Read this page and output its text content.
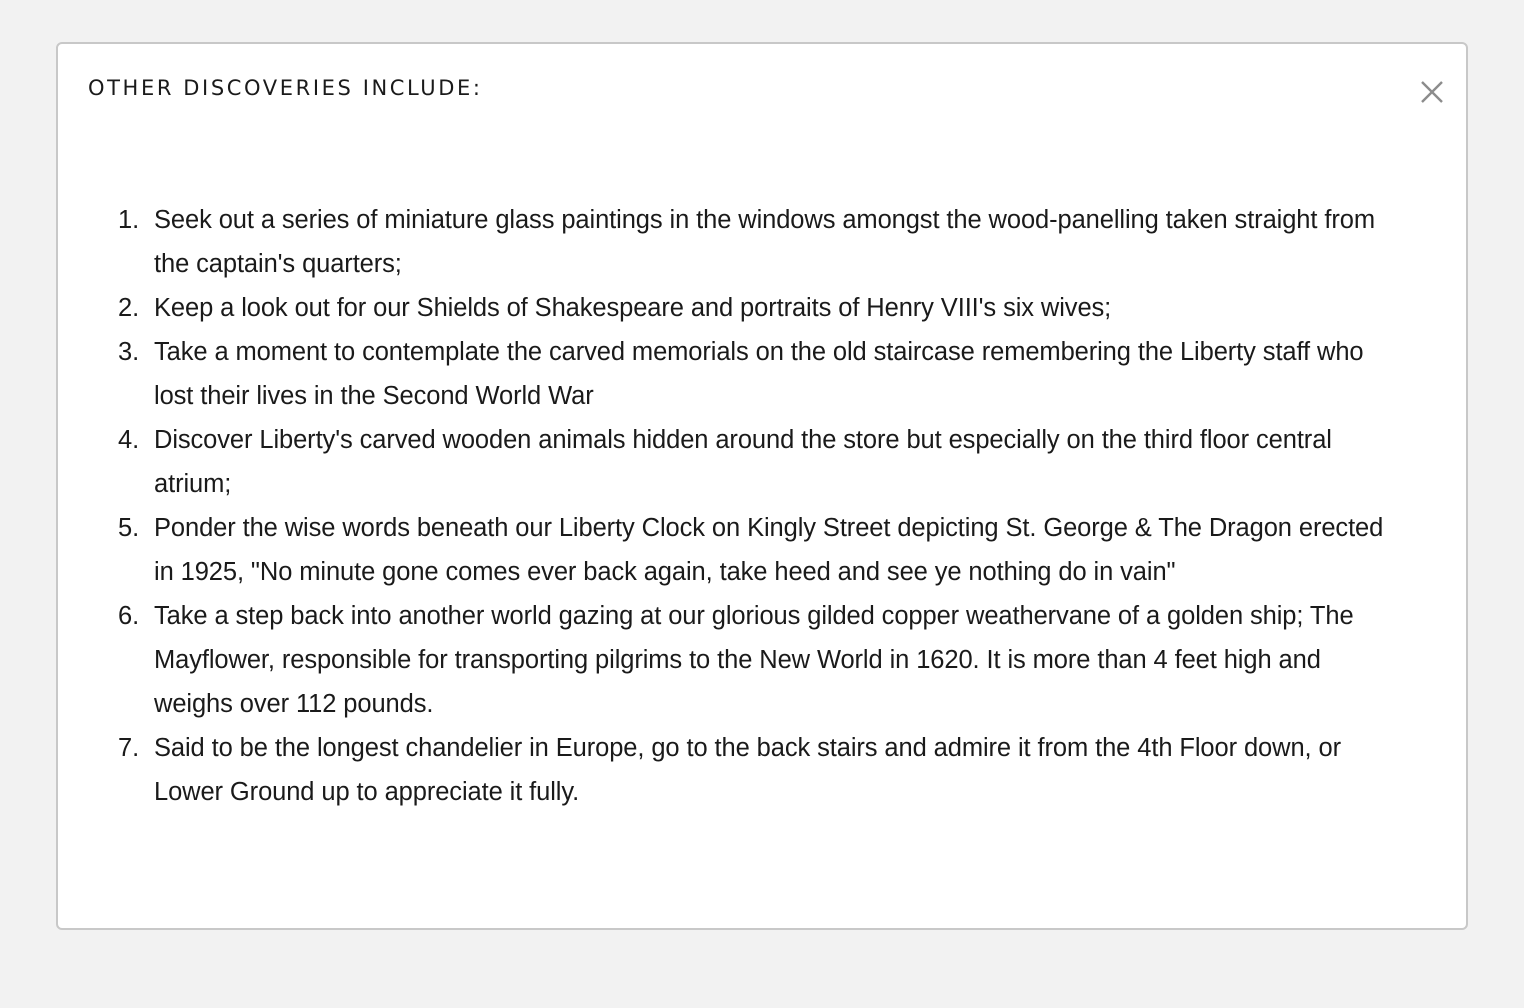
OTHER DISCOVERIES INCLUDE:
1. Seek out a series of miniature glass paintings in the windows amongst the wood-panelling taken straight from the captain's quarters;
2. Keep a look out for our Shields of Shakespeare and portraits of Henry VIII's six wives;
3. Take a moment to contemplate the carved memorials on the old staircase remembering the Liberty staff who lost their lives in the Second World War
4. Discover Liberty's carved wooden animals hidden around the store but especially on the third floor central atrium;
5. Ponder the wise words beneath our Liberty Clock on Kingly Street depicting St. George & The Dragon erected in 1925, "No minute gone comes ever back again, take heed and see ye nothing do in vain"
6. Take a step back into another world gazing at our glorious gilded copper weathervane of a golden ship; The Mayflower, responsible for transporting pilgrims to the New World in 1620. It is more than 4 feet high and weighs over 112 pounds.
7. Said to be the longest chandelier in Europe, go to the back stairs and admire it from the 4th Floor down, or Lower Ground up to appreciate it fully.
